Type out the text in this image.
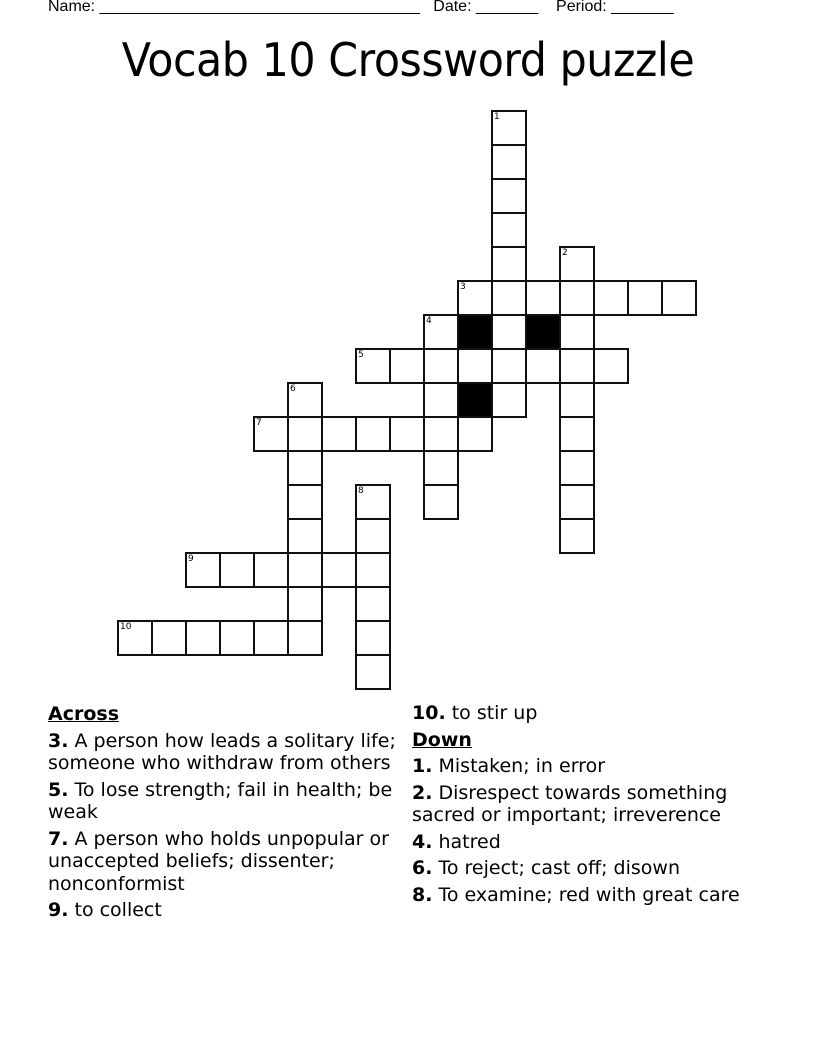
Name: ____________________________________ Date: _______ Period: _______
Vocab 10 Crossword puzzle
1
2
3
4
5
6
7
8
9
10
Across
3. A person how leads a solitary life; someone who withdraw from others
5. To lose strength; fail in health; be weak
7. A person who holds unpopular or unaccepted beliefs; dissenter; nonconformist
9. to collect
10. to stir up
Down
1. Mistaken; in error
2. Disrespect towards something sacred or important; irreverence
4. hatred
6. To reject; cast off; disown
8. To examine; red with great care
